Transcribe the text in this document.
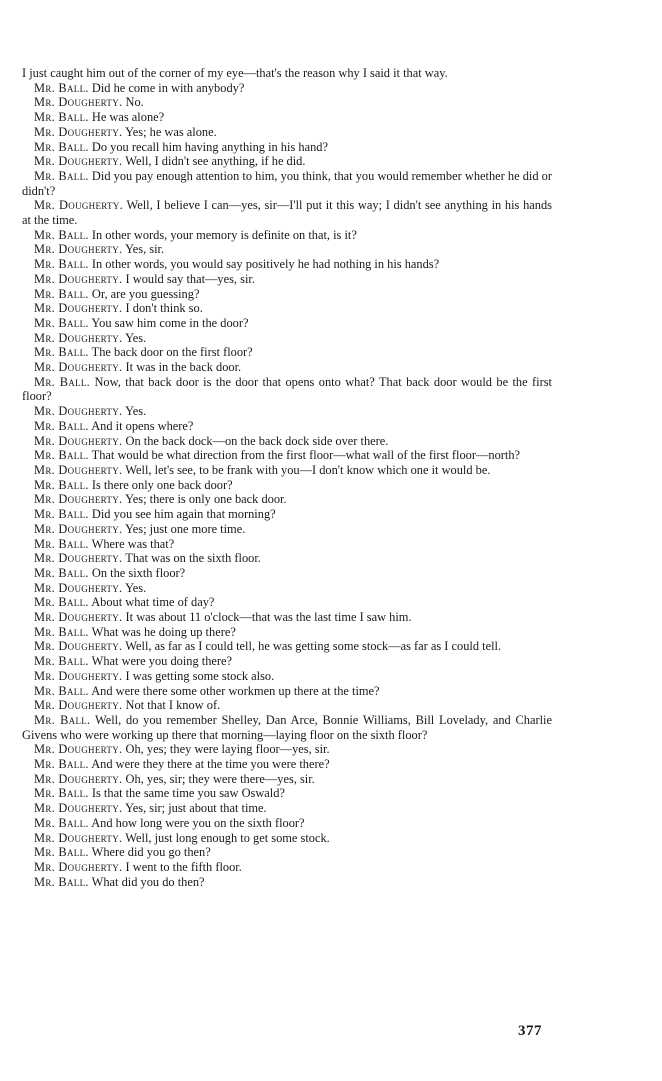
I just caught him out of the corner of my eye—that's the reason why I said it that way.

Mr. Ball. Did he come in with anybody?

Mr. Dougherty. No.

Mr. Ball. He was alone?

Mr. Dougherty. Yes; he was alone.

Mr. Ball. Do you recall him having anything in his hand?

Mr. Dougherty. Well, I didn't see anything, if he did.

Mr. Ball. Did you pay enough attention to him, you think, that you would remember whether he did or didn't?

Mr. Dougherty. Well, I believe I can—yes, sir—I'll put it this way; I didn't see anything in his hands at the time.

Mr. Ball. In other words, your memory is definite on that, is it?

Mr. Dougherty. Yes, sir.

Mr. Ball. In other words, you would say positively he had nothing in his hands?

Mr. Dougherty. I would say that—yes, sir.

Mr. Ball. Or, are you guessing?

Mr. Dougherty. I don't think so.

Mr. Ball. You saw him come in the door?

Mr. Dougherty. Yes.

Mr. Ball. The back door on the first floor?

Mr. Dougherty. It was in the back door.

Mr. Ball. Now, that back door is the door that opens onto what? That back door would be the first floor?

Mr. Dougherty. Yes.

Mr. Ball. And it opens where?

Mr. Dougherty. On the back dock—on the back dock side over there.

Mr. Ball. That would be what direction from the first floor—what wall of the first floor—north?

Mr. Dougherty. Well, let's see, to be frank with you—I don't know which one it would be.

Mr. Ball. Is there only one back door?

Mr. Dougherty. Yes; there is only one back door.

Mr. Ball. Did you see him again that morning?

Mr. Dougherty. Yes; just one more time.

Mr. Ball. Where was that?

Mr. Dougherty. That was on the sixth floor.

Mr. Ball. On the sixth floor?

Mr. Dougherty. Yes.

Mr. Ball. About what time of day?

Mr. Dougherty. It was about 11 o'clock—that was the last time I saw him.

Mr. Ball. What was he doing up there?

Mr. Dougherty. Well, as far as I could tell, he was getting some stock—as far as I could tell.

Mr. Ball. What were you doing there?

Mr. Dougherty. I was getting some stock also.

Mr. Ball. And were there some other workmen up there at the time?

Mr. Dougherty. Not that I know of.

Mr. Ball. Well, do you remember Shelley, Dan Arce, Bonnie Williams, Bill Lovelady, and Charlie Givens who were working up there that morning—laying floor on the sixth floor?

Mr. Dougherty. Oh, yes; they were laying floor—yes, sir.

Mr. Ball. And were they there at the time you were there?

Mr. Dougherty. Oh, yes, sir; they were there—yes, sir.

Mr. Ball. Is that the same time you saw Oswald?

Mr. Dougherty. Yes, sir; just about that time.

Mr. Ball. And how long were you on the sixth floor?

Mr. Dougherty. Well, just long enough to get some stock.

Mr. Ball. Where did you go then?

Mr. Dougherty. I went to the fifth floor.

Mr. Ball. What did you do then?

377
